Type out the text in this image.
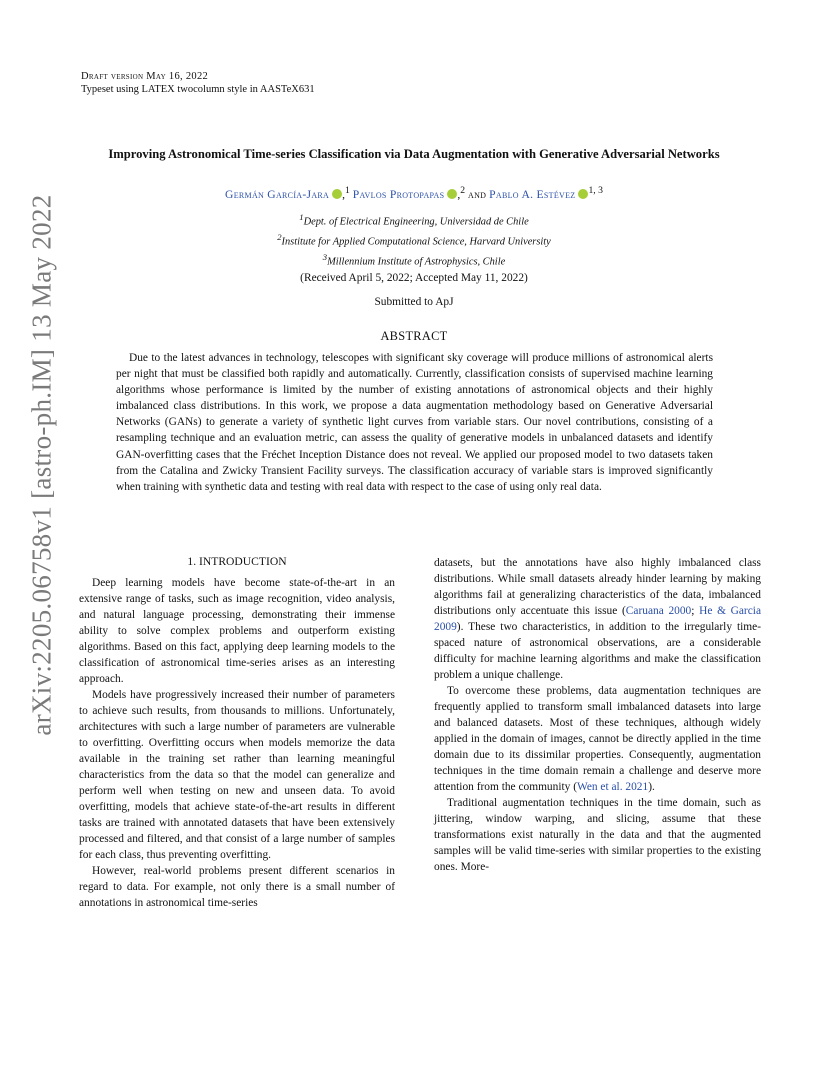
arXiv:2205.06758v1 [astro-ph.IM] 13 May 2022
Draft version May 16, 2022
Typeset using LATEX twocolumn style in AASTeX631
Improving Astronomical Time-series Classification via Data Augmentation with Generative Adversarial Networks
Germán García-Jara ,$^1$ Pavlos Protopapas ,$^2$ and Pablo A. Estévez $^{1, 3}$
$^1$Dept. of Electrical Engineering, Universidad de Chile
$^2$Institute for Applied Computational Science, Harvard University
$^3$Millennium Institute of Astrophysics, Chile
(Received April 5, 2022; Accepted May 11, 2022)
Submitted to ApJ
ABSTRACT

Due to the latest advances in technology, telescopes with significant sky coverage will produce millions of astronomical alerts per night that must be classified both rapidly and automatically. Currently, classification consists of supervised machine learning algorithms whose performance is limited by the number of existing annotations of astronomical objects and their highly imbalanced class distributions. In this work, we propose a data augmentation methodology based on Generative Adversarial Networks (GANs) to generate a variety of synthetic light curves from variable stars. Our novel contributions, consisting of a resampling technique and an evaluation metric, can assess the quality of generative models in unbalanced datasets and identify GAN-overfitting cases that the Fréchet Inception Distance does not reveal. We applied our proposed model to two datasets taken from the Catalina and Zwicky Transient Facility surveys. The classification accuracy of variable stars is improved significantly when training with synthetic data and testing with real data with respect to the case of using only real data.

1. INTRODUCTION

Deep learning models have become state-of-the-art in an extensive range of tasks, such as image recognition, video analysis, and natural language processing, demonstrating their immense ability to solve complex problems and outperform existing algorithms. Based on this fact, applying deep learning models to the classification of astronomical time-series arises as an interesting approach.

Models have progressively increased their number of parameters to achieve such results, from thousands to millions. Unfortunately, architectures with such a large number of parameters are vulnerable to overfitting. Overfitting occurs when models memorize the data available in the training set rather than learning meaningful characteristics from the data so that the model can generalize and perform well when testing on new and unseen data. To avoid overfitting, models that achieve state-of-the-art results in different tasks are trained with annotated datasets that have been extensively processed and filtered, and that consist of a large number of samples for each class, thus preventing overfitting.

However, real-world problems present different scenarios in regard to data. For example, not only there is a small number of annotations in astronomical time-series

datasets, but the annotations have also highly imbalanced class distributions. While small datasets already hinder learning by making algorithms fail at generalizing characteristics of the data, imbalanced distributions only accentuate this issue (Caruana 2000; He & Garcia 2009). These two characteristics, in addition to the irregularly time-spaced nature of astronomical observations, are a considerable difficulty for machine learning algorithms and make the classification problem a unique challenge.

To overcome these problems, data augmentation techniques are frequently applied to transform small imbalanced datasets into large and balanced datasets. Most of these techniques, although widely applied in the domain of images, cannot be directly applied in the time domain due to its dissimilar properties. Consequently, augmentation techniques in the time domain remain a challenge and deserve more attention from the community (Wen et al. 2021).

Traditional augmentation techniques in the time domain, such as jittering, window warping, and slicing, assume that these transformations exist naturally in the data and that the augmented samples will be valid time-series with similar properties to the existing ones. More-
